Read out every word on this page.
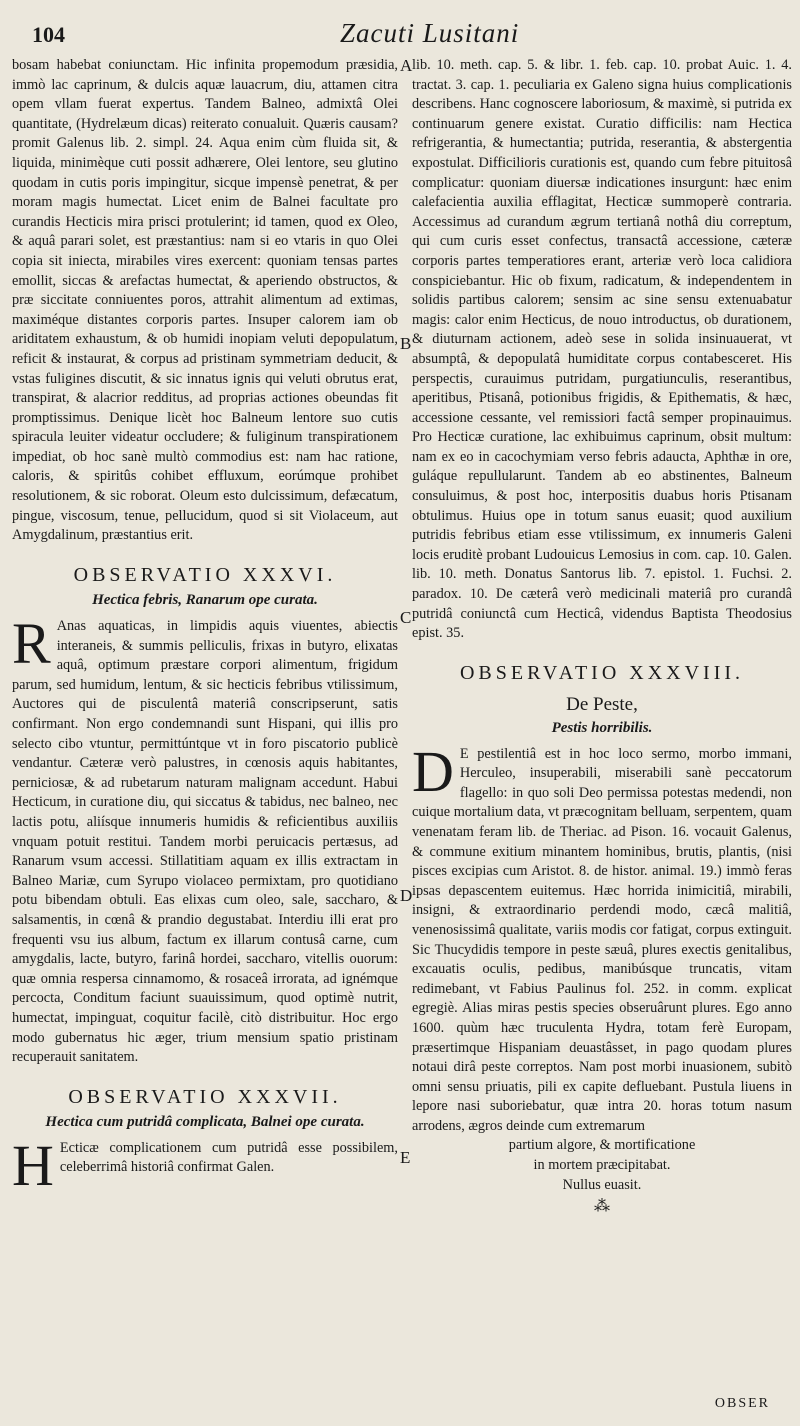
104	Zacuti Lusitani
A
B
C
D
E

bosam habebat coniunctam. Hic infinita propemodum præsidia, immò lac caprinum, & dulcis aquæ lauacrum, diu, attamen citra opem vllam fuerat expertus. Tandem Balneo, admixtâ Olei quantitate, (Hydrelæum dicas) reiterato conualuit. Quæris causam? promit Galenus lib. 2. simpl. 24. Aqua enim cùm fluida sit, & liquida, minimèque cuti possit adhærere, Olei lentore, seu glutino quodam in cutis poris impingitur, sicque impensè penetrat, & per moram magis humectat. Licet enim de Balnei facultate pro curandis Hecticis mira prisci protulerint; id tamen, quod ex Oleo, & aquâ parari solet, est præstantius: nam si eo vtaris in quo Olei copia sit iniecta, mirabiles vires exercent: quoniam tensas partes emollit, siccas & arefactas humectat, & aperiendo obstructos, & præ siccitate conniuentes poros, attrahit alimentum ad extimas, maximéque distantes corporis partes. Insuper calorem iam ob ariditatem exhaustum, & ob humidi inopiam veluti depopulatum, reficit & instaurat, & corpus ad pristinam symmetriam deducit, & vstas fuligines discutit, & sic innatus ignis qui veluti obrutus erat, transpirat, & alacrior redditus, ad proprias actiones obeundas fit promptissimus. Denique licèt hoc Balneum lentore suo cutis spiracula leuiter videatur occludere; & fuliginum transpirationem impediat, ob hoc sanè multò commodius est: nam hac ratione, caloris, & spiritûs cohibet effluxum, eorúmque prohibet resolutionem, & sic roborat. Oleum esto dulcissimum, defæcatum, pingue, viscosum, tenue, pellucidum, quod si sit Violaceum, aut Amygdalinum, præstantius erit.

OBSERVATIO XXXVI.
Hectica febris, Ranarum ope curata.

R Anas aquaticas, in limpidis aquis viuentes, abiectis interaneis, & summis pelliculis, frixas in butyro, elixatas aquâ, optimum præstare corpori alimentum, frigidum parum, sed humidum, lentum, & sic hecticis febribus vtilissimum, Auctores qui de pisculentâ materiâ conscripserunt, satis confirmant. Non ergo condemnandi sunt Hispani, qui illis pro selecto cibo vtuntur, permittúntque vt in foro piscatorio publicè vendantur. Cæteræ verò palustres, in cœnosis aquis habitantes, perniciosæ, & ad rubetarum naturam malignam accedunt. Habui Hecticum, in curatione diu, qui siccatus & tabidus, nec balneo, nec lactis potu, aliísque innumeris humidis & reficientibus auxiliis vnquam potuit restitui. Tandem morbi peruicacis pertæsus, ad Ranarum vsum accessi. Stillatitiam aquam ex illis extractam in Balneo Mariæ, cum Syrupo violaceo permixtam, pro quotidiano potu bibendam obtuli. Eas elixas cum oleo, sale, saccharo, & salsamentis, in cœnâ & prandio degustabat. Interdiu illi erat pro frequenti vsu ius album, factum ex illarum contusâ carne, cum amygdalis, lacte, butyro, farinâ hordei, saccharo, vitellis ouorum: quæ omnia respersa cinnamomo, & rosaceâ irrorata, ad ignémque percocta, Conditum faciunt suauissimum, quod optimè nutrit, humectat, impinguat, coquitur facilè, citò distribuitur. Hoc ergo modo gubernatus hic æger, trium mensium spatio pristinam recuperauit sanitatem.

OBSERVATIO XXXVII.
Hectica cum putridâ complicata, Balnei ope curata.

H Ecticæ complicationem cum putridâ esse possibilem, celeberrimâ historiâ confirmat Galen.

lib. 10. meth. cap. 5. & libr. 1. feb. cap. 10. probat Auic. 1. 4. tractat. 3. cap. 1. peculiaria ex Galeno signa huius complicationis describens. Hanc cognoscere laboriosum, & maximè, si putrida ex continuarum genere existat. Curatio difficilis: nam Hectica refrigerantia, & humectantia; putrida, reserantia, & abstergentia expostulat. Difficilioris curationis est, quando cum febre pituitosâ complicatur: quoniam diuersæ indicationes insurgunt: hæc enim calefacientia auxilia efflagitat, Hecticæ summoperè contraria. Accessimus ad curandum ægrum tertianâ nothâ diu correptum, qui cum curis esset confectus, transactâ accessione, cæteræ corporis partes temperatiores erant, arteriæ verò loca calidiora conspiciebantur. Hic ob fixum, radicatum, & independentem in solidis partibus calorem; sensim ac sine sensu extenuabatur magis: calor enim Hecticus, de nouo introductus, ob durationem, & diuturnam actionem, adeò sese in solida insinuauerat, vt absumptâ, & depopulatâ humiditate corpus contabesceret. His perspectis, curauimus putridam, purgatiunculis, reserantibus, aperitibus, Ptisanâ, potionibus frigidis, & Epithematis, & hæc, accessione cessante, vel remissiori factâ semper propinauimus. Pro Hecticæ curatione, lac exhibuimus caprinum, obsit multum: nam ex eo in cacochymiam verso febris adaucta, Aphthæ in ore, guláque repullularunt. Tandem ab eo abstinentes, Balneum consuluimus, & post hoc, interpositis duabus horis Ptisanam obtulimus. Huius ope in totum sanus euasit; quod auxilium putridis febribus etiam esse vtilissimum, ex innumeris Galeni locis eruditè probant Ludouicus Lemosius in com. cap. 10. Galen. lib. 10. meth. Donatus Santorus lib. 7. epistol. 1. Fuchsi. 2. paradox. 10. De cæterâ verò medicinali materiâ pro curandâ putridâ coniunctâ cum Hecticâ, videndus Baptista Theodosius epist. 35.

OBSERVATIO XXXVIII.
De Peste,
Pestis horribilis.

D E pestilentiâ est in hoc loco sermo, morbo immani, Herculeo, insuperabili, miserabili sanè peccatorum flagello: in quo soli Deo permissa potestas medendi, non cuique mortalium data, vt præcognitam belluam, serpentem, quam venenatam feram lib. de Theriac. ad Pison. 16. vocauit Galenus, & commune exitium minantem hominibus, brutis, plantis, (nisi pisces excipias cum Aristot. 8. de histor. animal. 19.) immò feras ipsas depascentem euitemus. Hæc horrida inimicitiâ, mirabili, insigni, & extraordinario perdendi modo, cæcâ malitiâ, venenosissimâ qualitate, variis modis cor fatigat, corpus extinguit. Sic Thucydidis tempore in peste sæuâ, plures exectis genitalibus, excauatis oculis, pedibus, manibúsque truncatis, vitam redimebant, vt Fabius Paulinus fol. 252. in comm. explicat egregiè. Alias miras pestis species obseruârunt plures. Ego anno 1600. quùm hæc truculenta Hydra, totam ferè Europam, præsertimque Hispaniam deuastâsset, in pago quodam plures notaui dirâ peste correptos. Nam post morbi inuasionem, subitò omni sensu priuatis, pili ex capite defluebant. Pustula liuens in lepore nasi suboriebatur, quæ intra 20. horas totum nasum arrodens, ægros deinde cum extremarum

partium algore, & mortificatione
in mortem præcipitabat.
Nullus euasit.
⁂
OBSER
